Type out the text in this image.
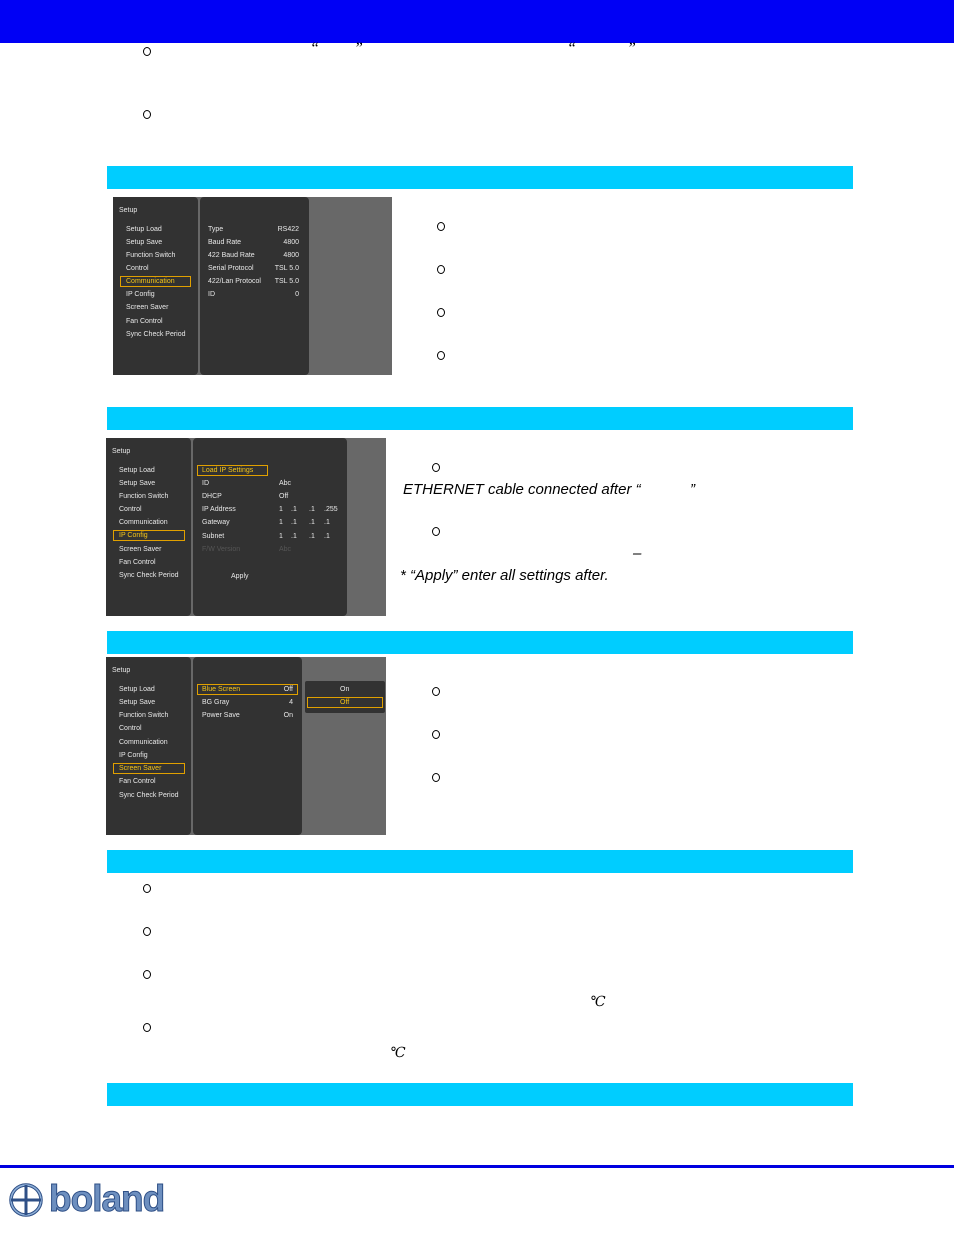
“ ”	“	”
Setup
Setup Load
Setup Save
Function Switch
Control
Communication
IP Config
Screen Saver
Fan Control
Sync Check Period
Type	RS422
Baud Rate	4800
422 Baud Rate	4800
Serial Protocol	TSL 5.0
422/Lan Protocol TSL 5.0
ID	0
Setup
Setup Load
Setup Save
Function Switch
Control
Communication
IP Config
Screen Saver
Fan Control
Sync Check Period
Load IP Settings
ID	Abc
DHCP	Off
IP Address	1 .1 .1 .255
Gateway	1 .1 .1 .1
Subnet	1 .1 .1 .1
F/W Version	Abc
Apply
ETHERNET cable connected after “	”
–
* “Apply” enter all settings after.
Setup
Setup Load
Setup Save
Function Switch
Control
Communication
IP Config
Screen Saver
Fan Control
Sync Check Period
Blue Screen	Off
BG Gray	4
Power Save	On
On
Off
℃
℃
boland
